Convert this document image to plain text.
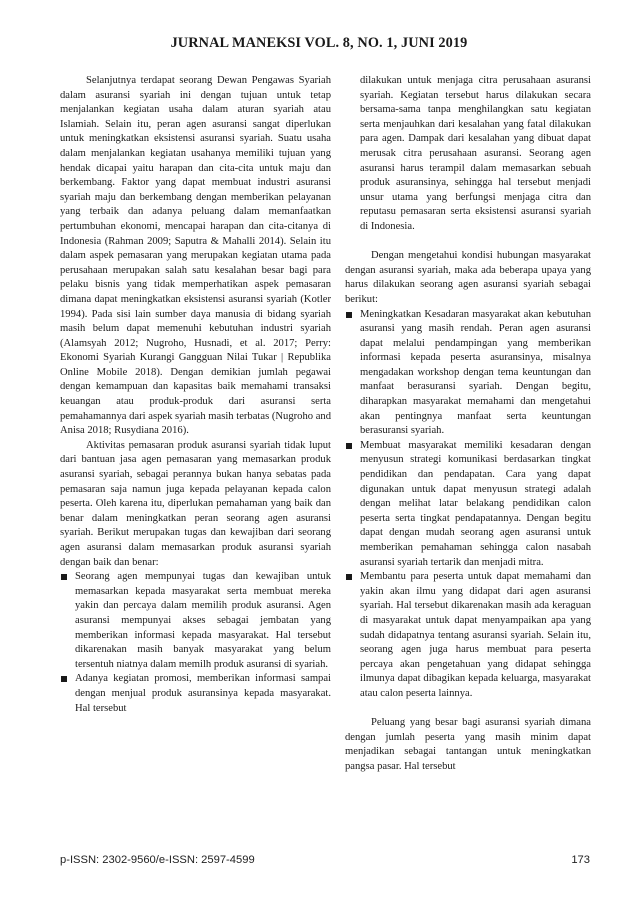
JURNAL MANEKSI VOL. 8, NO. 1, JUNI 2019

Selanjutnya terdapat seorang Dewan Pengawas Syariah dalam asuransi syariah ini dengan tujuan untuk tetap menjalankan kegiatan usaha dalam aturan syariah atau Islamiah. Selain itu, peran agen asuransi sangat diperlukan untuk meningkatkan eksistensi asuransi syariah. Suatu usaha dalam menjalankan kegiatan usahanya memiliki tujuan yang hendak dicapai yaitu harapan dan cita-cita untuk maju dan berkembang. Faktor yang dapat membuat industri asuransi syariah maju dan berkembang dengan memberikan pelayanan yang terbaik dan adanya peluang dalam memanfaatkan pertumbuhan ekonomi, mencapai harapan dan cita-citanya di Indonesia (Rahman 2009; Saputra & Mahalli 2014). Selain itu dalam aspek pemasaran yang merupakan kegiatan utama pada perusahaan merupakan salah satu kesalahan besar bagi para pelaku bisnis yang tidak memperhatikan aspek pemasaran dimana dapat meningkatkan eksistensi asuransi syariah (Kotler 1994). Pada sisi lain sumber daya manusia di bidang syariah masih belum dapat memenuhi kebutuhan industri syariah (Alamsyah 2012; Nugroho, Husnadi, et al. 2017; Perry: Ekonomi Syariah Kurangi Gangguan Nilai Tukar | Republika Online Mobile 2018). Dengan demikian jumlah pegawai dengan kemampuan dan kapasitas baik memahami transaksi keuangan atau produk-produk dari asuransi serta pemahamannya dari aspek syariah masih terbatas (Nugroho and Anisa 2018; Rusydiana 2016).

Aktivitas pemasaran produk asuransi syariah tidak luput dari bantuan jasa agen pemasaran yang memasarkan produk asuransi syariah, sebagai perannya bukan hanya sebatas pada pemasaran saja namun juga kepada pelayanan kepada calon peserta. Oleh karena itu, diperlukan pemahaman yang baik dan benar dalam meningkatkan peran seorang agen asuransi syariah. Berikut merupakan tugas dan kewajiban dari seorang agen asuransi dalam memasarkan produk asuransi syariah dengan baik dan benar:

Seorang agen mempunyai tugas dan kewajiban untuk memasarkan kepada masyarakat serta membuat mereka yakin dan percaya dalam memilih produk asuransi. Agen asuransi mempunyai akses sebagai jembatan yang memberikan informasi kepada masyarakat. Hal tersebut dikarenakan masih banyak masyarakat yang belum tersentuh niatnya dalam memilh produk asuransi di syariah.
Adanya kegiatan promosi, memberikan informasi sampai dengan menjual produk asuransinya kepada masyarakat. Hal tersebut

dilakukan untuk menjaga citra perusahaan asuransi syariah. Kegiatan tersebut harus dilakukan secara bersama-sama tanpa menghilangkan satu kegiatan serta menjauhkan dari kesalahan yang fatal dilakukan para agen. Dampak dari kesalahan yang dibuat dapat merusak citra perusahaan asuransi. Seorang agen asuransi harus terampil dalam memasarkan sebuah produk asuransinya, sehingga hal tersebut menjadi unsur utama yang berfungsi menjaga citra dan reputasu pemasaran serta eksistensi asuransi syariah di Indonesia.

Dengan mengetahui kondisi hubungan masyarakat dengan asuransi syariah, maka ada beberapa upaya yang harus dilakukan seorang agen asuransi syariah sebagai berikut:

Meningkatkan Kesadaran masyarakat akan kebutuhan asuransi yang masih rendah. Peran agen asuransi dapat melalui pendampingan yang memberikan informasi kepada peserta asuransinya, misalnya mengadakan workshop dengan tema keuntungan dan manfaat berasuransi syariah. Dengan begitu, diharapkan masyarakat memahami dan mengetahui akan pentingnya manfaat serta keuntungan berasuransi syariah.
Membuat masyarakat memiliki kesadaran dengan menyusun strategi komunikasi berdasarkan tingkat pendidikan dan pendapatan. Cara yang dapat digunakan untuk dapat menyusun strategi adalah dengan melihat latar belakang pendidikan calon peserta serta tingkat pendapatannya. Dengan begitu dapat dengan mudah seorang agen asuransi untuk memberikan pemahaman sehingga calon nasabah asuransi syariah tertarik dan menjadi mitra.
Membantu para peserta untuk dapat memahami dan yakin akan ilmu yang didapat dari agen asuransi syariah. Hal tersebut dikarenakan masih ada keraguan di masyarakat untuk dapat menyampaikan apa yang sudah didapatnya tentang asuransi syariah. Selain itu, seorang agen juga harus membuat para peserta percaya akan pengetahuan yang didapat sehingga ilmunya dapat dibagikan kepada keluarga, masyarakat atau calon peserta lainnya.

Peluang yang besar bagi asuransi syariah dimana dengan jumlah peserta yang masih minim dapat menjadikan sebagai tantangan untuk meningkatkan pangsa pasar. Hal tersebut

p-ISSN: 2302-9560/e-ISSN: 2597-4599	173
